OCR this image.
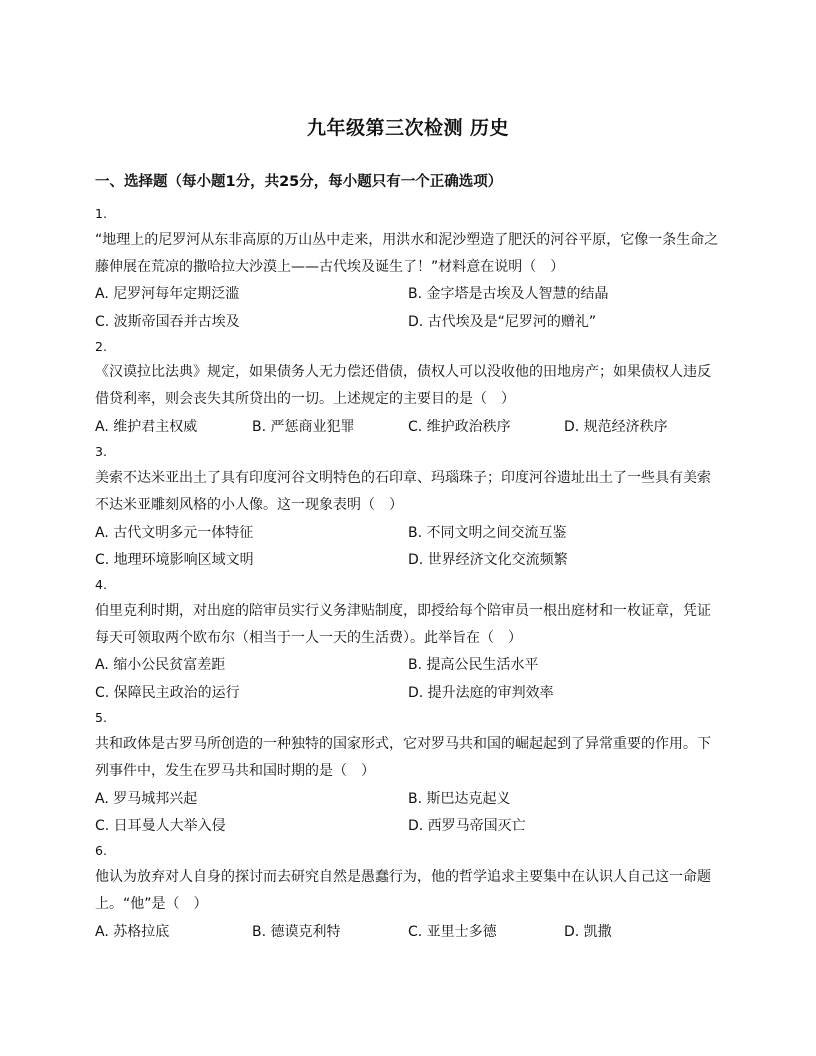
九年级第三次检测 历史
一、选择题（每小题1分，共25分，每小题只有一个正确选项）
1.
“地理上的尼罗河从东非高原的万山丛中走来，用洪水和泥沙塑造了肥沃的河谷平原，它像一条生命之藤伸展在荒凉的撒哈拉大沙漠上——古代埃及诞生了！”材料意在说明（　）
A. 尼罗河每年定期泛滥	B. 金字塔是古埃及人智慧的结晶
C. 波斯帝国吞并古埃及	D. 古代埃及是“尼罗河的赠礼”
2.
《汉谟拉比法典》规定，如果债务人无力偿还借债，债权人可以没收他的田地房产；如果债权人违反借贷利率，则会丧失其所贷出的一切。上述规定的主要目的是（　）
A. 维护君主权威	B. 严惩商业犯罪	C. 维护政治秩序	D. 规范经济秩序
3.
美索不达米亚出土了具有印度河谷文明特色的石印章、玛瑙珠子；印度河谷遗址出土了一些具有美索不达米亚雕刻风格的小人像。这一现象表明（　）
A. 古代文明多元一体特征	B. 不同文明之间交流互鉴
C. 地理环境影响区域文明	D. 世界经济文化交流频繁
4.
伯里克利时期，对出庭的陪审员实行义务津贴制度，即授给每个陪审员一根出庭材和一枚证章，凭证每天可领取两个欧布尔（相当于一人一天的生活费）。此举旨在（　）
A. 缩小公民贫富差距	B. 提高公民生活水平
C. 保障民主政治的运行	D. 提升法庭的审判效率
5.
共和政体是古罗马所创造的一种独特的国家形式，它对罗马共和国的崛起起到了异常重要的作用。下列事件中，发生在罗马共和国时期的是（　）
A. 罗马城邦兴起	B. 斯巴达克起义
C. 日耳曼人大举入侵	D. 西罗马帝国灭亡
6.
他认为放弃对人自身的探讨而去研究自然是愚蠢行为，他的哲学追求主要集中在认识人自己这一命题上。“他”是（　）
A. 苏格拉底	B. 德谟克利特	C. 亚里士多德	D. 凯撒
